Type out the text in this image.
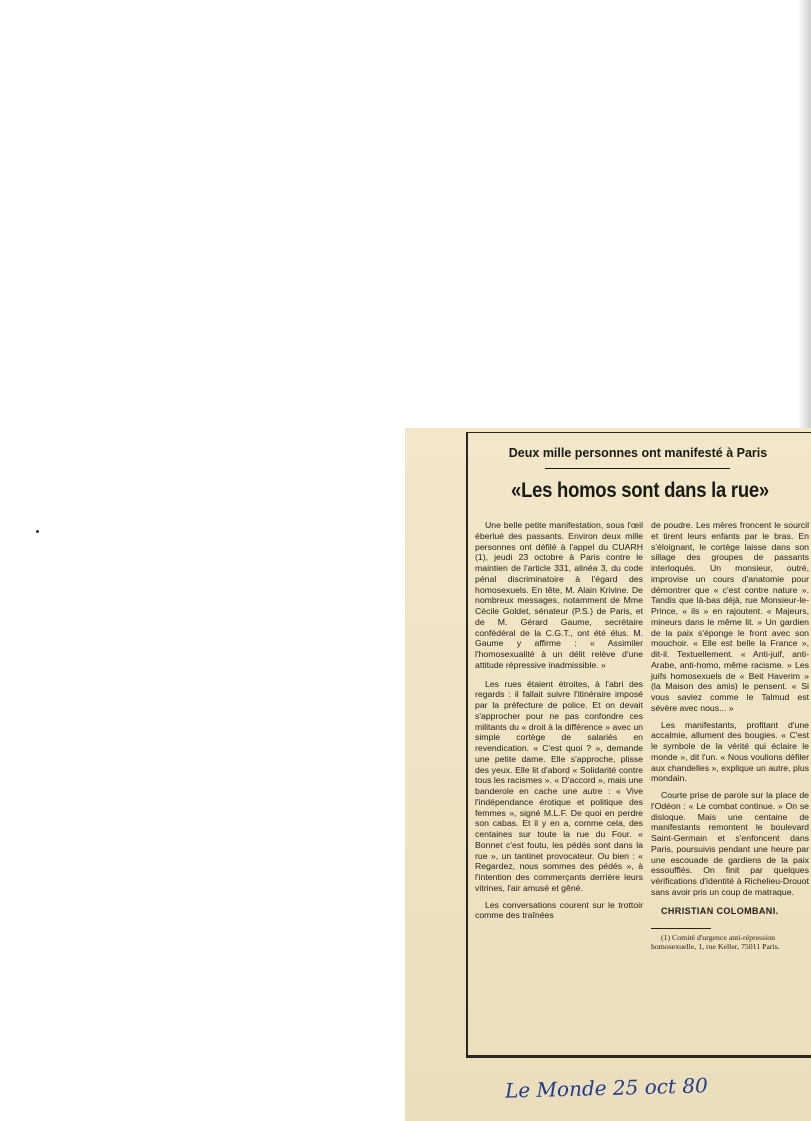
Deux mille personnes ont manifesté à Paris
«Les homos sont dans la rue»

Une belle petite manifestation, sous l'œil éberlué des passants. Environ deux mille personnes ont défilé à l'appel du CUARH (1), jeudi 23 octobre à Paris contre le maintien de l'article 331, alinéa 3, du code pénal discriminatoire à l'égard des homosexuels. En tête, M. Alain Krivine. De nombreux messages, notamment de Mme Cécile Goldet, sénateur (P.S.) de Paris, et de M. Gérard Gaume, secrétaire confédéral de la C.G.T., ont été élus. M. Gaume y affirme : « Assimiler l'homosexualité à un délit relève d'une attitude répressive inadmissible. »

Les rues étaient étroites, à l'abri des regards : il fallait suivre l'itinéraire imposé par la préfecture de police. Et on devait s'approcher pour ne pas confondre ces militants du « droit à la différence » avec un simple cortège de salariés en revendication. « C'est quoi ? », demande une petite dame. Elle s'approche, plisse des yeux. Elle lit d'abord « Solidarité contre tous les racismes ». « D'accord », mais une banderole en cache une autre : « Vive l'indépendance érotique et politique des femmes », signé M.L.F. De quoi en perdre son cabas. Et il y en a, comme cela, des centaines sur toute la rue du Four. « Bonnet c'est foutu, les pédés sont dans la rue », un tantinet provocateur. Ou bien : « Regardez, nous sommes des pédés », à l'intention des commerçants derrière leurs vitrines, l'air amusé et gêné.

Les conversations courent sur le trottoir comme des traînées

de poudre. Les mères froncent le sourcil et tirent leurs enfants par le bras. En s'éloignant, le cortège laisse dans son sillage des groupes de passants interloqués. Un monsieur, outré, improvise un cours d'anatomie pour démontrer que « c'est contre nature ». Tandis que là-bas déjà, rue Monsieur-le-Prince, « ils » en rajoutent. « Majeurs, mineurs dans le même lit. » Un gardien de la paix s'éponge le front avec son mouchoir. « Elle est belle la France », dit-il. Textuellement. « Anti-juif, anti-Arabe, anti-homo, même racisme. » Les juifs homosexuels de « Beit Haverim » (la Maison des amis) le pensent. « Si vous saviez comme le Talmud est sévère avec nous... »

Les manifestants, profitant d'une accalmie, allument des bougies. « C'est le symbole de la vérité qui éclaire le monde », dit l'un. « Nous voulions défiler aux chandelles », explique un autre, plus mondain.

Courte prise de parole sur la place de l'Odéon : « Le combat continue. » On se disloque. Mais une centaine de manifestants remontent le boulevard Saint-Germain et s'enfoncent dans Paris, poursuivis pendant une heure par une escouade de gardiens de la paix essoufflés. On finit par quelques vérifications d'identité à Richelieu-Drouot sans avoir pris un coup de matraque.

CHRISTIAN COLOMBANI.
(1) Comité d'urgence anti-répression homosexuelle, 1, rue Keller, 75011 Paris.
Le Monde 25 oct 80
